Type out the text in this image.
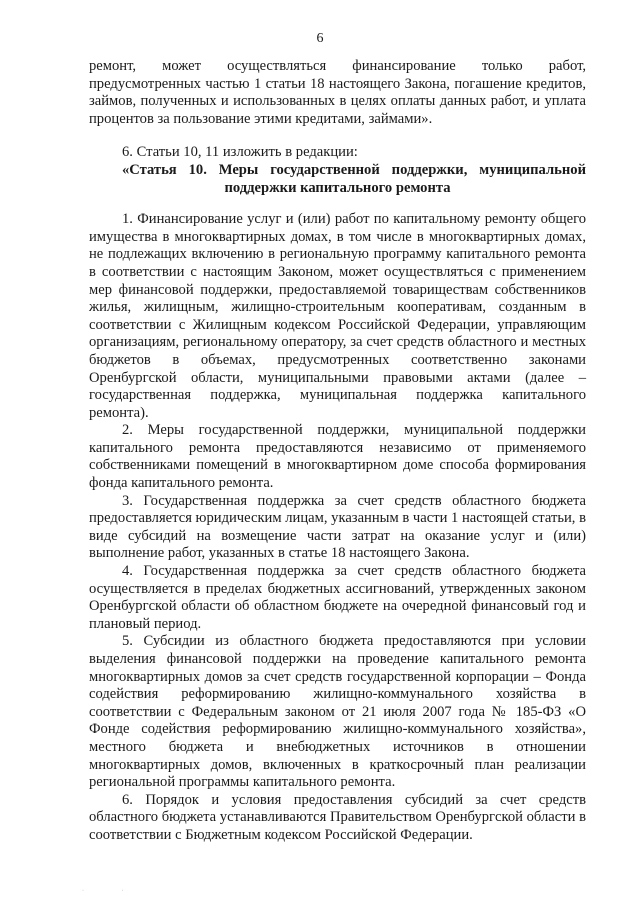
6

ремонт, может осуществляться финансирование только работ, предусмотренных частью 1 статьи 18 настоящего Закона, погашение кредитов, займов, полученных и использованных в целях оплаты данных работ, и уплата процентов за пользование этими кредитами, займами».

6. Статьи 10, 11 изложить в редакции:

«Статья 10. Меры государственной поддержки, муниципальной
поддержки капитального ремонта

1. Финансирование услуг и (или) работ по капитальному ремонту общего имущества в многоквартирных домах, в том числе в многоквартирных домах, не подлежащих включению в региональную программу капитального ремонта в соответствии с настоящим Законом, может осуществляться с применением мер финансовой поддержки, предоставляемой товариществам собственников жилья, жилищным, жилищно-строительным кооперативам, созданным в соответствии с Жилищным кодексом Российской Федерации, управляющим организациям, региональному оператору, за счет средств областного и местных бюджетов в объемах, предусмотренных соответственно законами Оренбургской области, муниципальными правовыми актами (далее – государственная поддержка, муниципальная поддержка капитального ремонта).

2. Меры государственной поддержки, муниципальной поддержки капитального ремонта предоставляются независимо от применяемого собственниками помещений в многоквартирном доме способа формирования фонда капитального ремонта.

3. Государственная поддержка за счет средств областного бюджета предоставляется юридическим лицам, указанным в части 1 настоящей статьи, в виде субсидий на возмещение части затрат на оказание услуг и (или) выполнение работ, указанных в статье 18 настоящего Закона.

4. Государственная поддержка за счет средств областного бюджета осуществляется в пределах бюджетных ассигнований, утвержденных законом Оренбургской области об областном бюджете на очередной финансовый год и плановый период.

5. Субсидии из областного бюджета предоставляются при условии выделения финансовой поддержки на проведение капитального ремонта многоквартирных домов за счет средств государственной корпорации – Фонда содействия реформированию жилищно-коммунального хозяйства в соответствии с Федеральным законом от 21 июля 2007 года № 185-ФЗ «О Фонде содействия реформированию жилищно-коммунального хозяйства», местного бюджета и внебюджетных источников в отношении многоквартирных домов, включенных в краткосрочный план реализации региональной программы капитального ремонта.

6. Порядок и условия предоставления субсидий за счет средств областного бюджета устанавливаются Правительством Оренбургской области в соответствии с Бюджетным кодексом Российской Федерации.

· ·
